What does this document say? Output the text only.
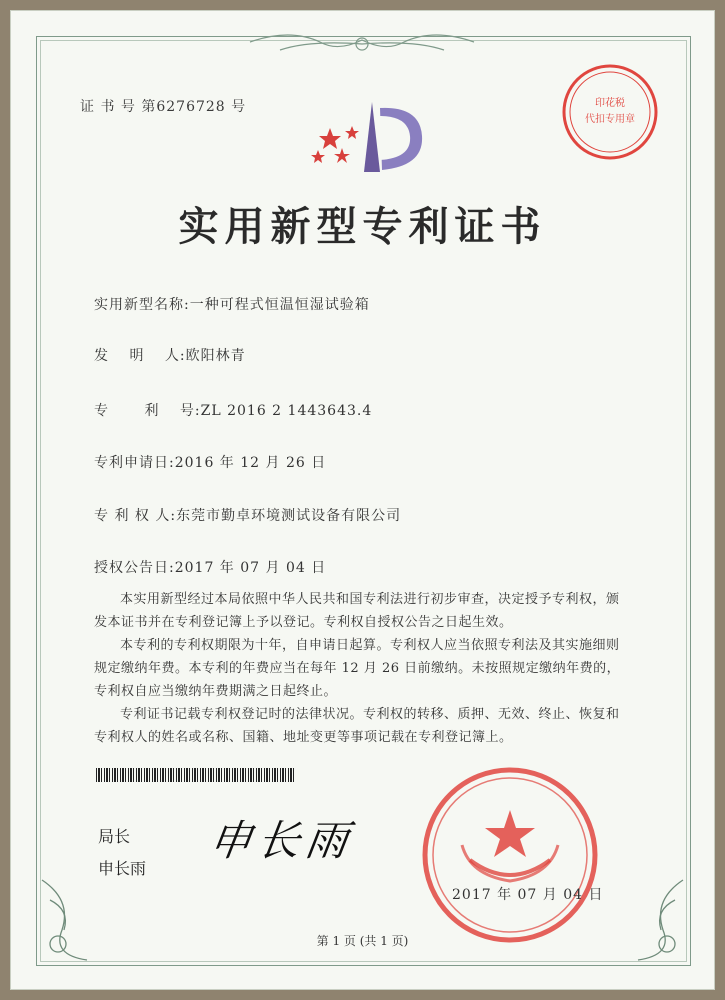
印花税
代扣专用章
证 书 号 第6276728 号
实用新型专利证书
实用新型名称:一种可程式恒温恒湿试验箱
发　 明　 人:欧阳林青
专　 　利　 号:ZL 2016 2 1443643.4
专利申请日:2016 年 12 月 26 日
专 利 权 人:东莞市勤卓环境测试设备有限公司
授权公告日:2017 年 07 月 04 日

本实用新型经过本局依照中华人民共和国专利法进行初步审查，决定授予专利权，颁发本证书并在专利登记簿上予以登记。专利权自授权公告之日起生效。

本专利的专利权期限为十年，自申请日起算。专利权人应当依照专利法及其实施细则规定缴纳年费。本专利的年费应当在每年 12 月 26 日前缴纳。未按照规定缴纳年费的，专利权自应当缴纳年费期满之日起终止。

专利证书记载专利权登记时的法律状况。专利权的转移、质押、无效、终止、恢复和专利权人的姓名或名称、国籍、地址变更等事项记载在专利登记簿上。

局长
申长雨
申长雨
2017 年 07 月 04 日
第 1 页 (共 1 页)
